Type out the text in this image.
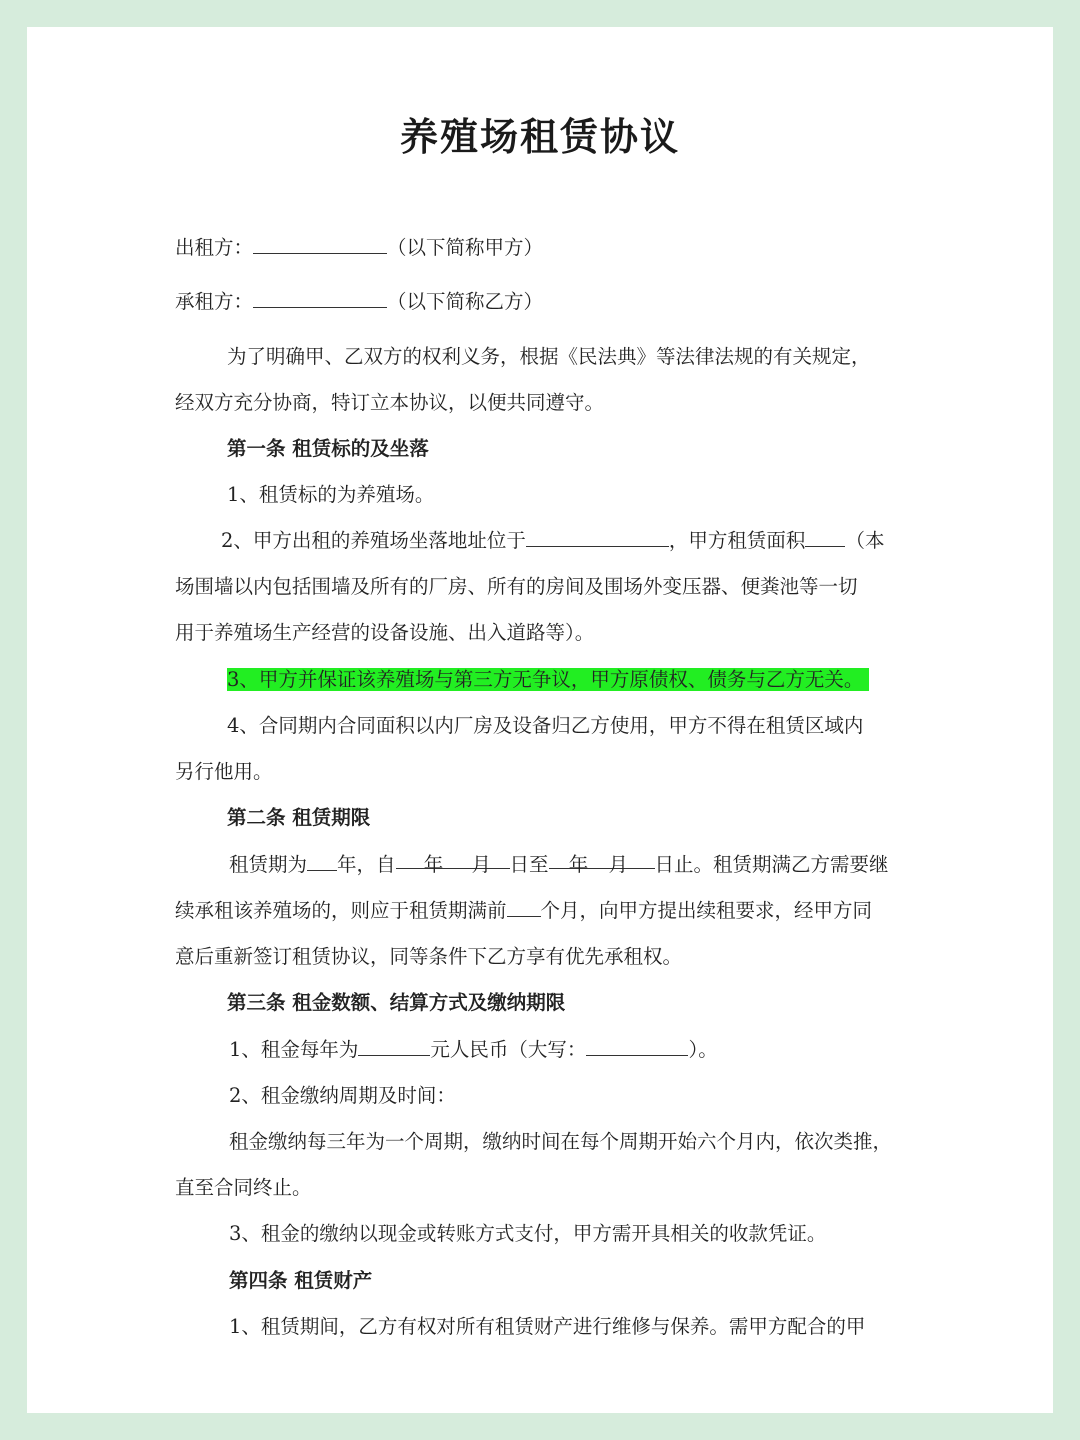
养殖场租赁协议
出租方：	（以下简称甲方）
承租方：	（以下简称乙方）
为了明确甲、乙双方的权利义务，根据《民法典》等法律法规的有关规定，
经双方充分协商，特订立本协议，以便共同遵守。
第一条 租赁标的及坐落
1、租赁标的为养殖场。
2、甲方出租的养殖场坐落地址位于	，甲方租赁面积 （本
场围墙以内包括围墙及所有的厂房、所有的房间及围场外变压器、便粪池等一切
用于养殖场生产经营的设备设施、出入道路等）。
3、甲方并保证该养殖场与第三方无争议，甲方原债权、债务与乙方无关。
4、合同期内合同面积以内厂房及设备归乙方使用，甲方不得在租赁区域内
另行他用。
第二条 租赁期限
租赁期为 年，自 年 月 日至 年 月 日止。租赁期满乙方需要继
续承租该养殖场的，则应于租赁期满前 个月，向甲方提出续租要求，经甲方同
意后重新签订租赁协议，同等条件下乙方享有优先承租权。
第三条 租金数额、结算方式及缴纳期限
1、租金每年为	元人民币（大写：	）。
2、租金缴纳周期及时间：
租金缴纳每三年为一个周期，缴纳时间在每个周期开始六个月内，依次类推，
直至合同终止。
3、租金的缴纳以现金或转账方式支付，甲方需开具相关的收款凭证。
第四条 租赁财产
1、租赁期间，乙方有权对所有租赁财产进行维修与保养。需甲方配合的甲
